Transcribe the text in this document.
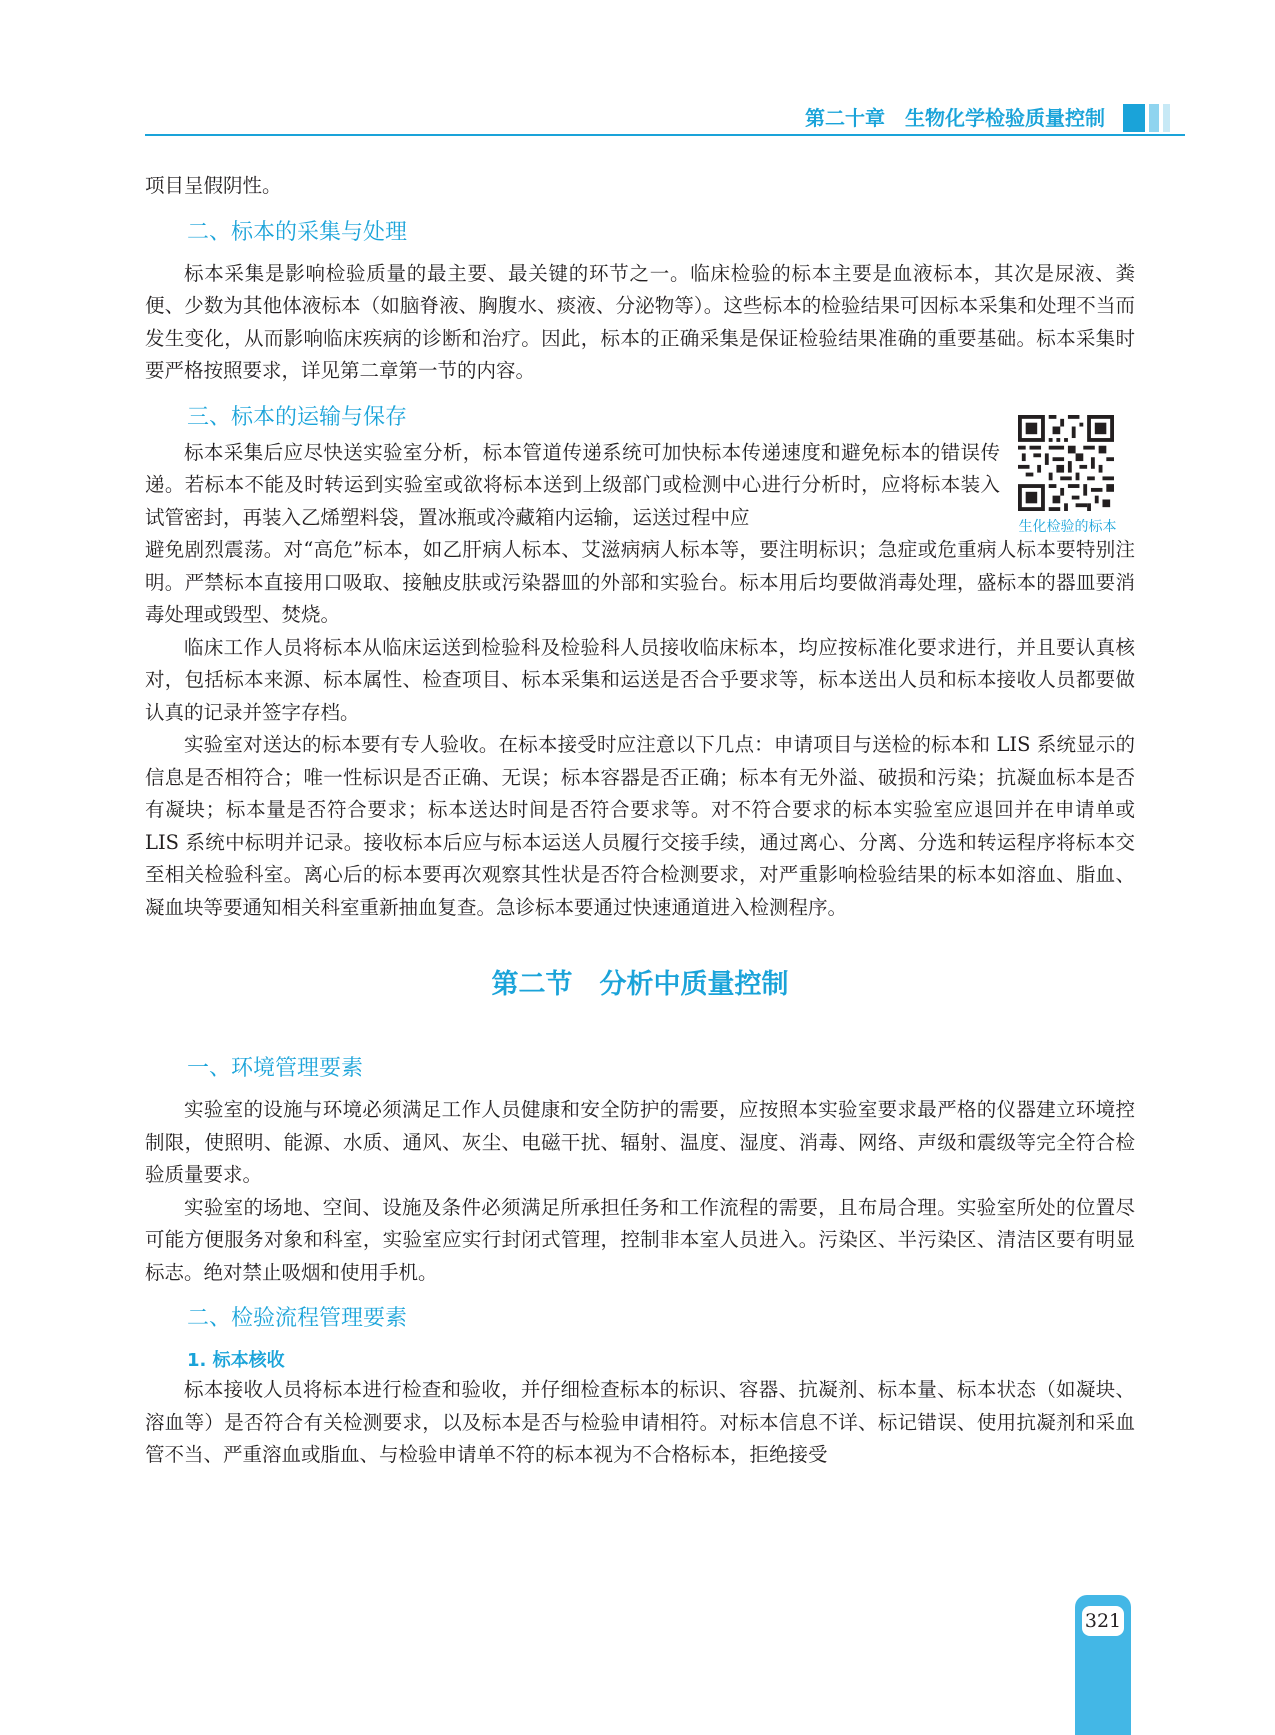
第二十章　生物化学检验质量控制

项目呈假阴性。

二、标本的采集与处理

标本采集是影响检验质量的最主要、最关键的环节之一。临床检验的标本主要是血液标本，其次是尿液、粪便、少数为其他体液标本（如脑脊液、胸腹水、痰液、分泌物等）。这些标本的检验结果可因标本采集和处理不当而发生变化，从而影响临床疾病的诊断和治疗。因此，标本的正确采集是保证检验结果准确的重要基础。标本采集时要严格按照要求，详见第二章第一节的内容。

三、标本的运输与保存

标本采集后应尽快送实验室分析，标本管道传递系统可加快标本传递速度和避免标本的错误传递。若标本不能及时转运到实验室或欲将标本送到上级部门或检测中心进行分析时，应将标本装入试管密封，再装入乙烯塑料袋，置冰瓶或冷藏箱内运输，运送过程中应

避免剧烈震荡。对“高危”标本，如乙肝病人标本、艾滋病病人标本等，要注明标识；急症或危重病人标本要特别注明。严禁标本直接用口吸取、接触皮肤或污染器皿的外部和实验台。标本用后均要做消毒处理，盛标本的器皿要消毒处理或毁型、焚烧。

临床工作人员将标本从临床运送到检验科及检验科人员接收临床标本，均应按标准化要求进行，并且要认真核对，包括标本来源、标本属性、检查项目、标本采集和运送是否合乎要求等，标本送出人员和标本接收人员都要做认真的记录并签字存档。

实验室对送达的标本要有专人验收。在标本接受时应注意以下几点：申请项目与送检的标本和 LIS 系统显示的信息是否相符合；唯一性标识是否正确、无误；标本容器是否正确；标本有无外溢、破损和污染；抗凝血标本是否有凝块；标本量是否符合要求；标本送达时间是否符合要求等。对不符合要求的标本实验室应退回并在申请单或 LIS 系统中标明并记录。接收标本后应与标本运送人员履行交接手续，通过离心、分离、分选和转运程序将标本交至相关检验科室。离心后的标本要再次观察其性状是否符合检测要求，对严重影响检验结果的标本如溶血、脂血、凝血块等要通知相关科室重新抽血复查。急诊标本要通过快速通道进入检测程序。

第二节　分析中质量控制

一、环境管理要素

实验室的设施与环境必须满足工作人员健康和安全防护的需要，应按照本实验室要求最严格的仪器建立环境控制限，使照明、能源、水质、通风、灰尘、电磁干扰、辐射、温度、湿度、消毒、网络、声级和震级等完全符合检验质量要求。

实验室的场地、空间、设施及条件必须满足所承担任务和工作流程的需要，且布局合理。实验室所处的位置尽可能方便服务对象和科室，实验室应实行封闭式管理，控制非本室人员进入。污染区、半污染区、清洁区要有明显标志。绝对禁止吸烟和使用手机。

二、检验流程管理要素

1. 标本核收

标本接收人员将标本进行检查和验收，并仔细检查标本的标识、容器、抗凝剂、标本量、标本状态（如凝块、溶血等）是否符合有关检测要求，以及标本是否与检验申请相符。对标本信息不详、标记错误、使用抗凝剂和采血管不当、严重溶血或脂血、与检验申请单不符的标本视为不合格标本，拒绝接受

生化检验的标本
321
